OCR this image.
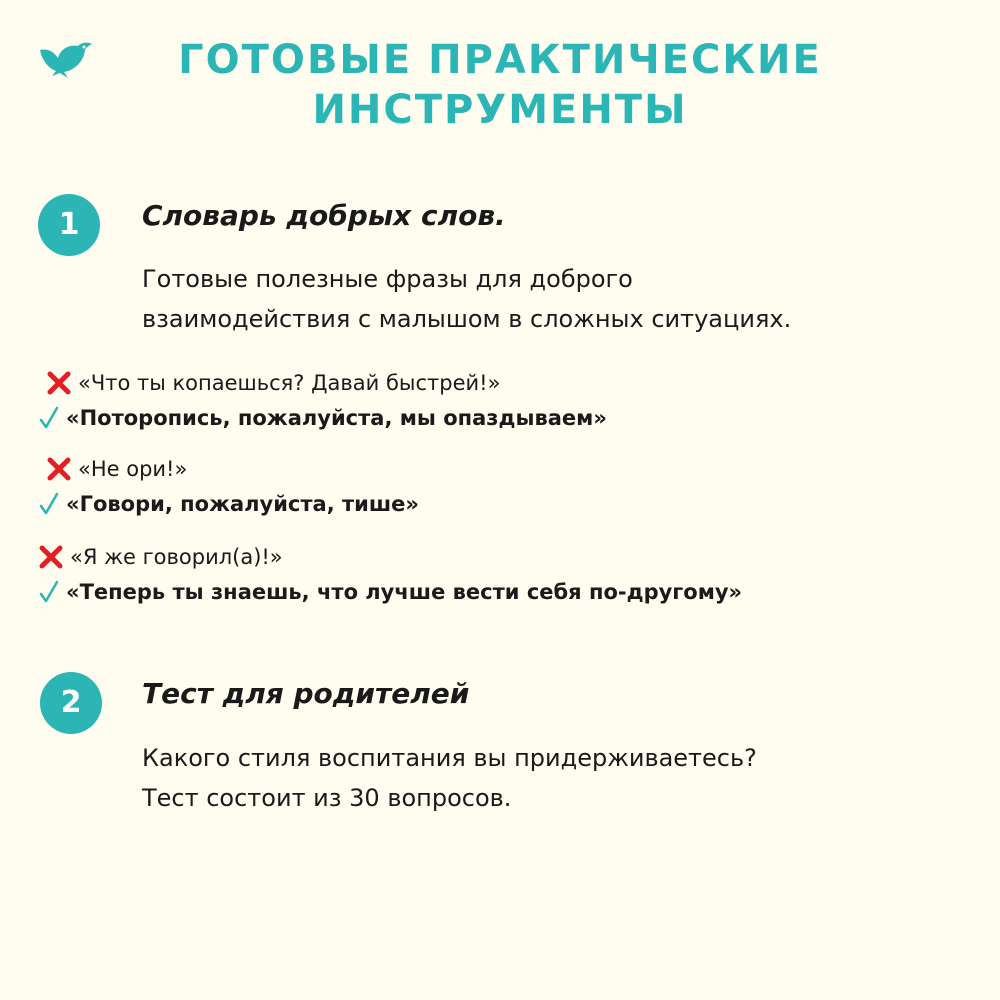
ГОТОВЫЕ ПРАКТИЧЕСКИЕ
ИНСТРУМЕНТЫ
1	Словарь добрых слов.
Готовые полезные фразы для доброго
взаимодействия с малышом в сложных ситуациях.
«Что ты копаешься? Давай быстрей!»
«Поторопись, пожалуйста, мы опаздываем»
«Не ори!»
«Говори, пожалуйста, тише»
«Я же говорил(а)!»
«Теперь ты знаешь, что лучше вести себя по-другому»
2	Тест для родителей
Какого стиля воспитания вы придерживаетесь?
Тест состоит из 30 вопросов.
